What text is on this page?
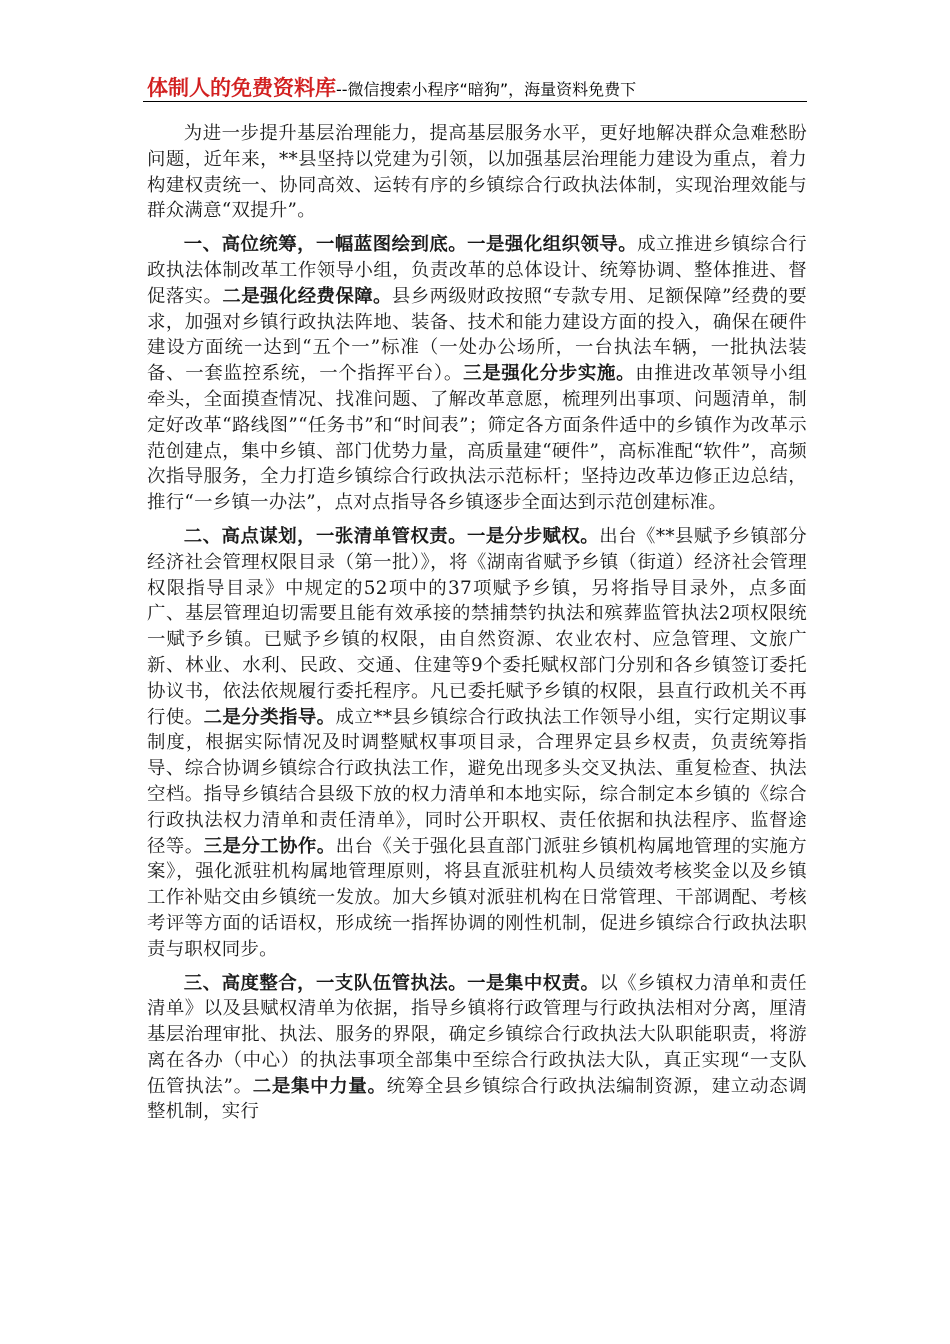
体制人的免费资料库--微信搜索小程序“暗狗”，海量资料免费下

为进一步提升基层治理能力，提高基层服务水平，更好地解决群众急难愁盼问题，近年来，**县坚持以党建为引领，以加强基层治理能力建设为重点，着力构建权责统一、协同高效、运转有序的乡镇综合行政执法体制，实现治理效能与群众满意“双提升”。

一、高位统筹，一幅蓝图绘到底。一是强化组织领导。成立推进乡镇综合行政执法体制改革工作领导小组，负责改革的总体设计、统筹协调、整体推进、督促落实。二是强化经费保障。县乡两级财政按照“专款专用、足额保障”经费的要求，加强对乡镇行政执法阵地、装备、技术和能力建设方面的投入，确保在硬件建设方面统一达到“五个一”标准（一处办公场所，一台执法车辆，一批执法装备、一套监控系统，一个指挥平台）。三是强化分步实施。由推进改革领导小组牵头，全面摸查情况、找准问题、了解改革意愿，梳理列出事项、问题清单，制定好改革“路线图”“任务书”和“时间表”；筛定各方面条件适中的乡镇作为改革示范创建点，集中乡镇、部门优势力量，高质量建“硬件”，高标准配“软件”，高频次指导服务，全力打造乡镇综合行政执法示范标杆；坚持边改革边修正边总结，推行“一乡镇一办法”，点对点指导各乡镇逐步全面达到示范创建标准。

二、高点谋划，一张清单管权责。一是分步赋权。出台《**县赋予乡镇部分经济社会管理权限目录（第一批）》，将《湖南省赋予乡镇（街道）经济社会管理权限指导目录》中规定的52项中的37项赋予乡镇，另将指导目录外，点多面广、基层管理迫切需要且能有效承接的禁捕禁钓执法和殡葬监管执法2项权限统一赋予乡镇。已赋予乡镇的权限，由自然资源、农业农村、应急管理、文旅广新、林业、水利、民政、交通、住建等9个委托赋权部门分别和各乡镇签订委托协议书，依法依规履行委托程序。凡已委托赋予乡镇的权限，县直行政机关不再行使。二是分类指导。成立**县乡镇综合行政执法工作领导小组，实行定期议事制度，根据实际情况及时调整赋权事项目录，合理界定县乡权责，负责统筹指导、综合协调乡镇综合行政执法工作，避免出现多头交叉执法、重复检查、执法空档。指导乡镇结合县级下放的权力清单和本地实际，综合制定本乡镇的《综合行政执法权力清单和责任清单》，同时公开职权、责任依据和执法程序、监督途径等。三是分工协作。出台《关于强化县直部门派驻乡镇机构属地管理的实施方案》，强化派驻机构属地管理原则，将县直派驻机构人员绩效考核奖金以及乡镇工作补贴交由乡镇统一发放。加大乡镇对派驻机构在日常管理、干部调配、考核考评等方面的话语权，形成统一指挥协调的刚性机制，促进乡镇综合行政执法职责与职权同步。

三、高度整合，一支队伍管执法。一是集中权责。以《乡镇权力清单和责任清单》以及县赋权清单为依据，指导乡镇将行政管理与行政执法相对分离，厘清基层治理审批、执法、服务的界限，确定乡镇综合行政执法大队职能职责，将游离在各办（中心）的执法事项全部集中至综合行政执法大队，真正实现“一支队伍管执法”。二是集中力量。统筹全县乡镇综合行政执法编制资源，建立动态调整机制，实行
